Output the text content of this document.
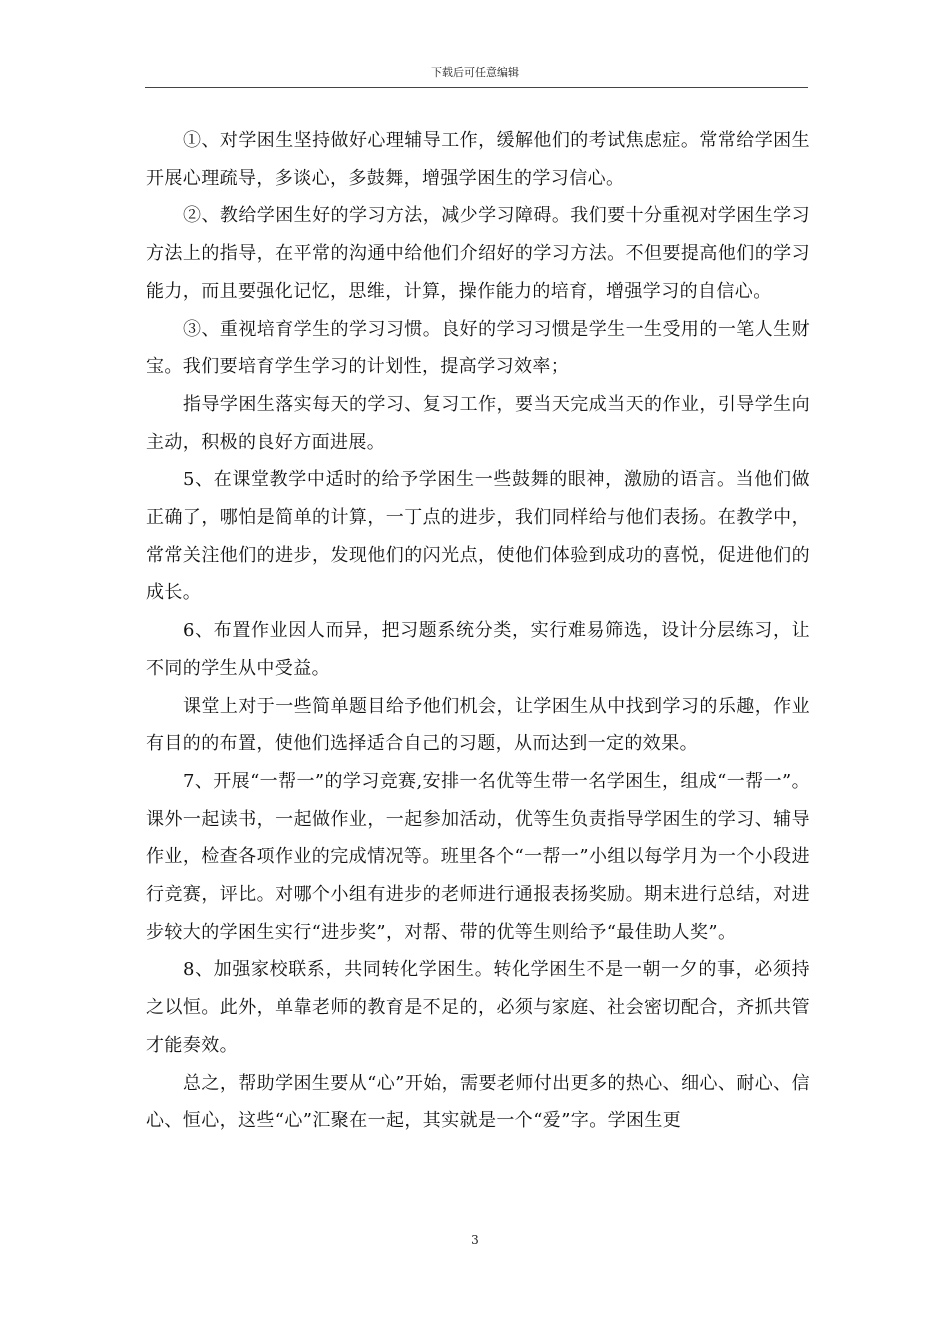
下载后可任意编辑

①、对学困生坚持做好心理辅导工作，缓解他们的考试焦虑症。常常给学困生开展心理疏导，多谈心，多鼓舞，增强学困生的学习信心。

②、教给学困生好的学习方法，减少学习障碍。我们要十分重视对学困生学习方法上的指导，在平常的沟通中给他们介绍好的学习方法。不但要提高他们的学习能力，而且要强化记忆，思维，计算，操作能力的培育，增强学习的自信心。

③、重视培育学生的学习习惯。良好的学习习惯是学生一生受用的一笔人生财宝。我们要培育学生学习的计划性，提高学习效率；

指导学困生落实每天的学习、复习工作，要当天完成当天的作业，引导学生向主动，积极的良好方面进展。

5、在课堂教学中适时的给予学困生一些鼓舞的眼神，激励的语言。当他们做正确了，哪怕是简单的计算，一丁点的进步，我们同样给与他们表扬。在教学中，常常关注他们的进步，发现他们的闪光点，使他们体验到成功的喜悦，促进他们的成长。

6、布置作业因人而异，把习题系统分类，实行难易筛选，设计分层练习，让不同的学生从中受益。

课堂上对于一些简单题目给予他们机会，让学困生从中找到学习的乐趣，作业有目的的布置，使他们选择适合自己的习题，从而达到一定的效果。

7、开展“一帮一”的学习竞赛,安排一名优等生带一名学困生，组成“一帮一”。课外一起读书，一起做作业，一起参加活动，优等生负责指导学困生的学习、辅导作业，检查各项作业的完成情况等。班里各个“一帮一”小组以每学月为一个小段进行竞赛，评比。对哪个小组有进步的老师进行通报表扬奖励。期末进行总结，对进步较大的学困生实行“进步奖”，对帮、带的优等生则给予“最佳助人奖”。

8、加强家校联系，共同转化学困生。转化学困生不是一朝一夕的事，必须持之以恒。此外，单靠老师的教育是不足的，必须与家庭、社会密切配合，齐抓共管才能奏效。

总之，帮助学困生要从“心”开始，需要老师付出更多的热心、细心、耐心、信心、恒心，这些“心”汇聚在一起，其实就是一个“爱”字。学困生更

3
